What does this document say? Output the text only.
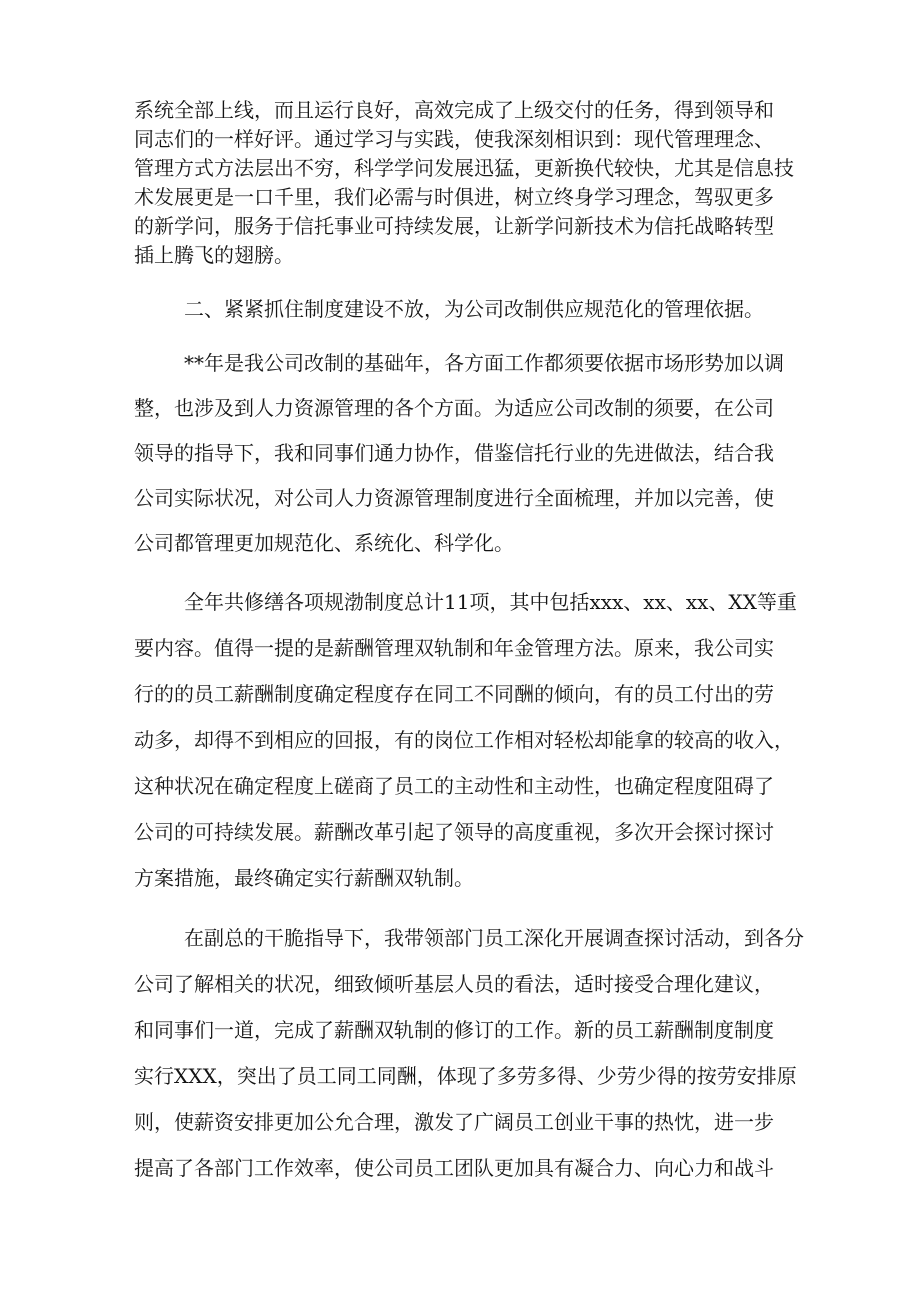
系统全部上线，而且运行良好，高效完成了上级交付的任务，得到领导和
同志们的一样好评。通过学习与实践，使我深刻相识到：现代管理理念、
管理方式方法层出不穷，科学学问发展迅猛，更新换代较快，尤其是信息技
术发展更是一口千里，我们必需与时俱进，树立终身学习理念，驾驭更多
的新学问，服务于信托事业可持续发展，让新学问新技术为信托战略转型
插上腾飞的翅膀。
二、紧紧抓住制度建设不放，为公司改制供应规范化的管理依据。
**年是我公司改制的基础年，各方面工作都须要依据市场形势加以调
整，也涉及到人力资源管理的各个方面。为适应公司改制的须要，在公司
领导的指导下，我和同事们通力协作，借鉴信托行业的先进做法，结合我
公司实际状况，对公司人力资源管理制度进行全面梳理，并加以完善，使
公司都管理更加规范化、系统化、科学化。
全年共修缮各项规渤制度总计11项，其中包括xxx、xx、xx、XX等重
要内容。值得一提的是薪酬管理双轨制和年金管理方法。原来，我公司实
行的的员工薪酬制度确定程度存在同工不同酬的倾向，有的员工付出的劳
动多，却得不到相应的回报，有的岗位工作相对轻松却能拿的较高的收入，
这种状况在确定程度上磋商了员工的主动性和主动性，也确定程度阻碍了
公司的可持续发展。薪酬改革引起了领导的高度重视，多次开会探讨探讨
方案措施，最终确定实行薪酬双轨制。
在副总的干脆指导下，我带领部门员工深化开展调查探讨活动，到各分
公司了解相关的状况，细致倾听基层人员的看法，适时接受合理化建议，
和同事们一道，完成了薪酬双轨制的修订的工作。新的员工薪酬制度制度
实行XXX，突出了员工同工同酬，体现了多劳多得、少劳少得的按劳安排原
则，使薪资安排更加公允合理，激发了广阔员工创业干事的热忱，进一步
提高了各部门工作效率，使公司员工团队更加具有凝合力、向心力和战斗
